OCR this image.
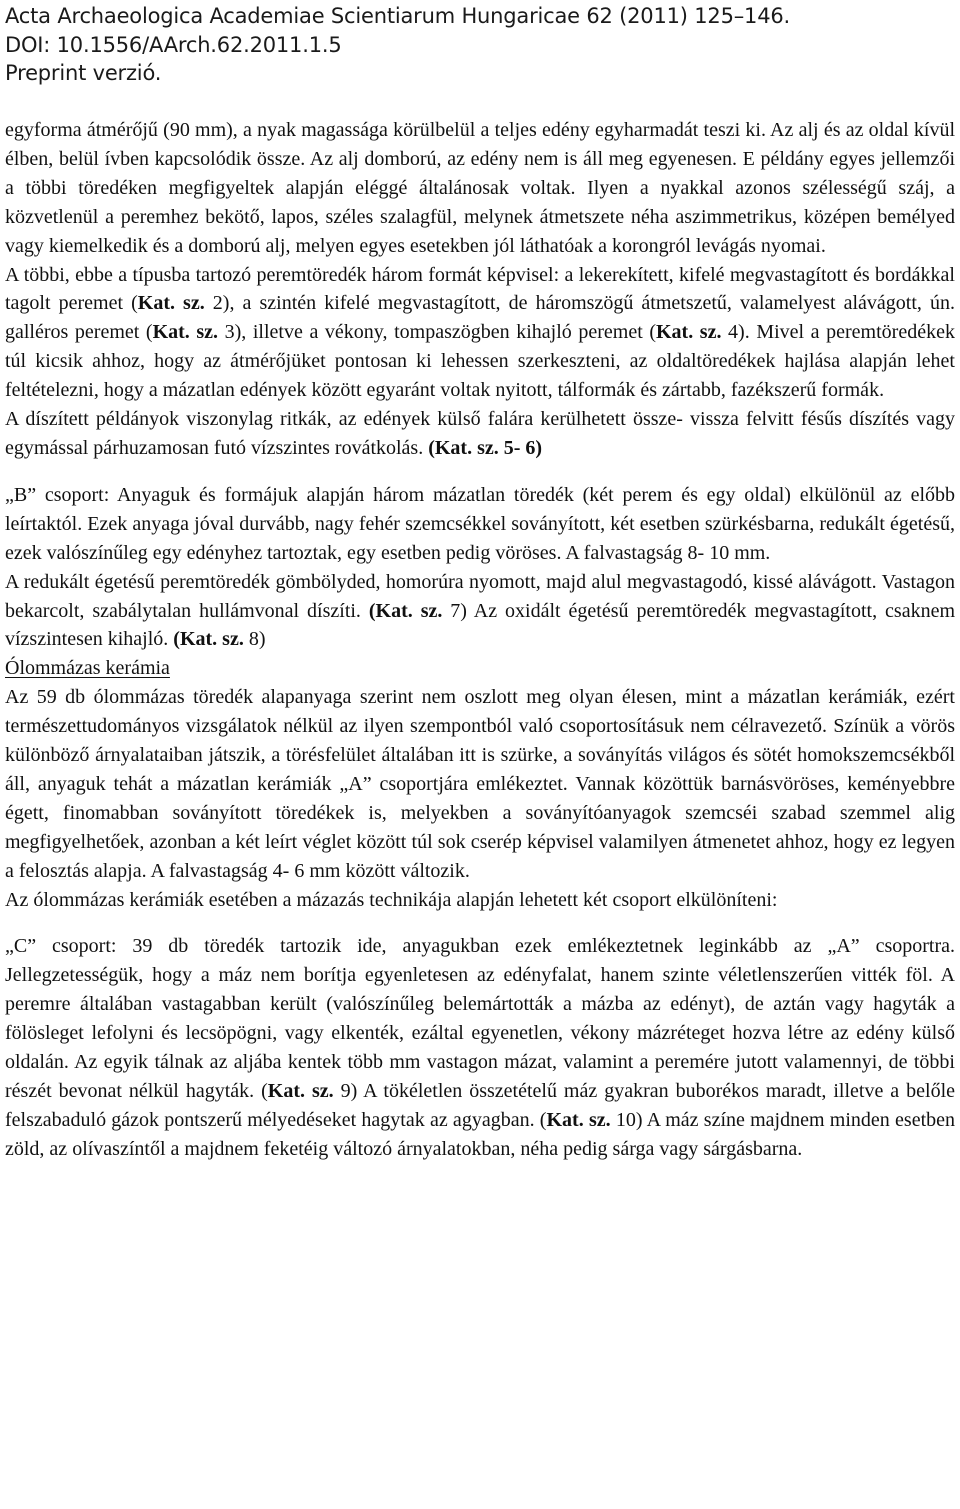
Acta Archaeologica Academiae Scientiarum Hungaricae 62 (2011) 125–146.
DOI: 10.1556/AArch.62.2011.1.5
Preprint verzió.

egyforma átmérőjű (90 mm), a nyak magassága körülbelül a teljes edény egyharmadát teszi ki. Az alj és az oldal kívül élben, belül ívben kapcsolódik össze. Az alj domború, az edény nem is áll meg egyenesen. E példány egyes jellemzői a többi töredéken megfigyeltek alapján eléggé általánosak voltak. Ilyen a nyakkal azonos szélességű száj, a közvetlenül a peremhez bekötő, lapos, széles szalagfül, melynek átmetszete néha aszimmetrikus, középen bemélyed vagy kiemelkedik és a domború alj, melyen egyes esetekben jól láthatóak a korongról levágás nyomai.

A többi, ebbe a típusba tartozó peremtöredék három formát képvisel: a lekerekített, kifelé megvastagított és bordákkal tagolt peremet (Kat. sz. 2), a szintén kifelé megvastagított, de háromszögű átmetszetű, valamelyest alávágott, ún. galléros peremet (Kat. sz. 3), illetve a vékony, tompaszögben kihajló peremet (Kat. sz. 4). Mivel a peremtöredékek túl kicsik ahhoz, hogy az átmérőjüket pontosan ki lehessen szerkeszteni, az oldaltöredékek hajlása alapján lehet feltételezni, hogy a mázatlan edények között egyaránt voltak nyitott, tálformák és zártabb, fazékszerű formák.

A díszített példányok viszonylag ritkák, az edények külső falára kerülhetett össze- vissza felvitt fésűs díszítés vagy egymással párhuzamosan futó vízszintes rovátkolás. (Kat. sz. 5- 6)

„B” csoport: Anyaguk és formájuk alapján három mázatlan töredék (két perem és egy oldal) elkülönül az előbb leírtaktól. Ezek anyaga jóval durvább, nagy fehér szemcsékkel soványított, két esetben szürkésbarna, redukált égetésű, ezek valószínűleg egy edényhez tartoztak, egy esetben pedig vöröses. A falvastagság 8- 10 mm.

A redukált égetésű peremtöredék gömbölyded, homorúra nyomott, majd alul megvastagodó, kissé alávágott. Vastagon bekarcolt, szabálytalan hullámvonal díszíti. (Kat. sz. 7) Az oxidált égetésű peremtöredék megvastagított, csaknem vízszintesen kihajló. (Kat. sz. 8)

Ólommázas kerámia

Az 59 db ólommázas töredék alapanyaga szerint nem oszlott meg olyan élesen, mint a mázatlan kerámiák, ezért természettudományos vizsgálatok nélkül az ilyen szempontból való csoportosításuk nem célravezető. Színük a vörös különböző árnyalataiban játszik, a törésfelület általában itt is szürke, a soványítás világos és sötét homokszemcsékből áll, anyaguk tehát a mázatlan kerámiák „A” csoportjára emlékeztet. Vannak közöttük barnásvöröses, keményebbre égett, finomabban soványított töredékek is, melyekben a soványítóanyagok szemcséi szabad szemmel alig megfigyelhetőek, azonban a két leírt véglet között túl sok cserép képvisel valamilyen átmenetet ahhoz, hogy ez legyen a felosztás alapja. A falvastagság 4- 6 mm között változik.

Az ólommázas kerámiák esetében a mázazás technikája alapján lehetett két csoport elkülöníteni:

„C” csoport: 39 db töredék tartozik ide, anyagukban ezek emlékeztetnek leginkább az „A” csoportra. Jellegzetességük, hogy a máz nem borítja egyenletesen az edényfalat, hanem szinte véletlenszerűen vitték föl. A peremre általában vastagabban került (valószínűleg belemártották a mázba az edényt), de aztán vagy hagyták a fölösleget lefolyni és lecsöpögni, vagy elkenték, ezáltal egyenetlen, vékony mázréteget hozva létre az edény külső oldalán. Az egyik tálnak az aljába kentek több mm vastagon mázat, valamint a peremére jutott valamennyi, de többi részét bevonat nélkül hagyták. (Kat. sz. 9) A tökéletlen összetételű máz gyakran buborékos maradt, illetve a belőle felszabaduló gázok pontszerű mélyedéseket hagytak az agyagban. (Kat. sz. 10) A máz színe majdnem minden esetben zöld, az olívaszíntől a majdnem feketéig változó árnyalatokban, néha pedig sárga vagy sárgásbarna.
